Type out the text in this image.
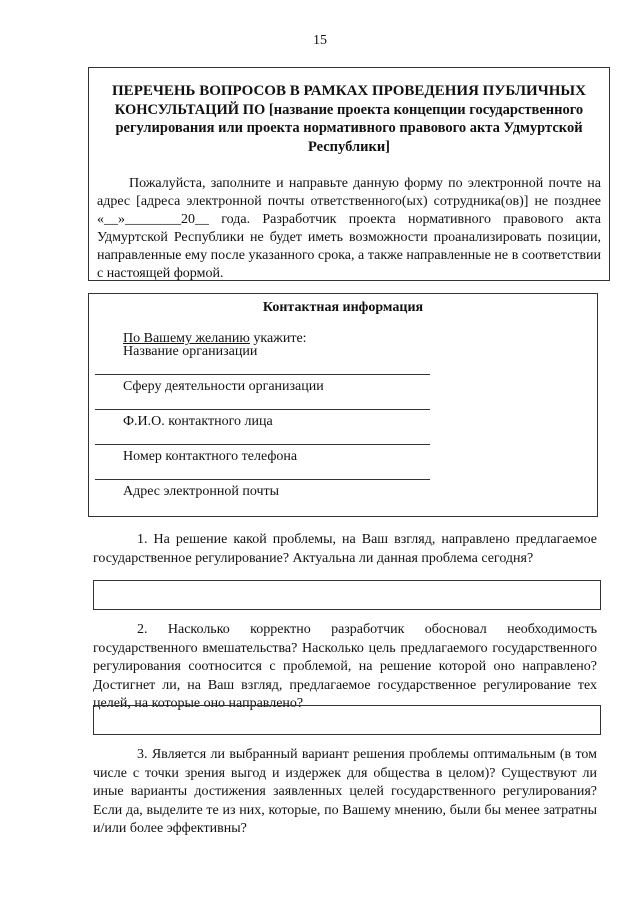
15
ПЕРЕЧЕНЬ ВОПРОСОВ В РАМКАХ ПРОВЕДЕНИЯ ПУБЛИЧНЫХ
КОНСУЛЬТАЦИЙ ПО [название проекта концепции государственного регулирования или проекта нормативного правового акта Удмуртской Республики]
Пожалуйста, заполните и направьте данную форму по электронной почте на адрес [адреса электронной почты ответственного(ых) сотрудника(ов)] не позднее «__»________20__ года. Разработчик проекта нормативного правового акта Удмуртской Республики не будет иметь возможности проанализировать позиции, направленные ему после указанного срока, а также направленные не в соответствии с настоящей формой.
Контактная информация
По Вашему желанию укажите:
Название организации
Сферу деятельности организации
Ф.И.О. контактного лица
Номер контактного телефона
Адрес электронной почты
1. На решение какой проблемы, на Ваш взгляд, направлено предлагаемое государственное регулирование? Актуальна ли данная проблема сегодня?
2. Насколько корректно разработчик обосновал необходимость государственного вмешательства? Насколько цель предлагаемого государственного регулирования соотносится с проблемой, на решение которой оно направлено? Достигнет ли, на Ваш взгляд, предлагаемое государственное регулирование тех целей, на которые оно направлено?
3. Является ли выбранный вариант решения проблемы оптимальным (в том числе с точки зрения выгод и издержек для общества в целом)? Существуют ли иные варианты достижения заявленных целей государственного регулирования? Если да, выделите те из них, которые, по Вашему мнению, были бы менее затратны и/или более эффективны?
